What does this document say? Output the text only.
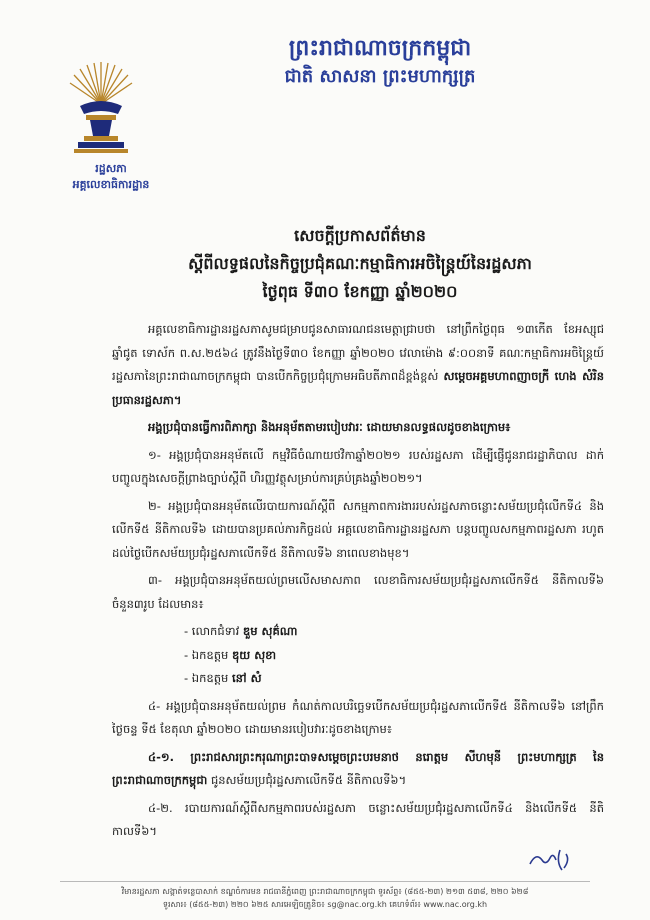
រដ្ឋសភា
អគ្គលេខាធិការដ្ឋាន
ព្រះរាជាណាចក្រកម្ពុជា
ជាតិ សាសនា ព្រះមហាក្សត្រ
សេចក្តីប្រកាសព័ត៌មាន
ស្តីពីលទ្ធផលនៃកិច្ចប្រជុំគណៈកម្មាធិការអចិន្ត្រៃយ៍នៃរដ្ឋសភា
ថ្ងៃពុធ ទី៣០ ខែកញ្ញា ឆ្នាំ២០២០

អគ្គលេខាធិការដ្ឋានរដ្ឋសភាសូមជម្រាបជូនសាធារណជនមេត្តាជ្រាបថា នៅព្រឹកថ្ងៃពុធ ១៣កើត ខែអស្សុជ ឆ្នាំជូត ទោស័ក ព.ស.២៥៦៤ ត្រូវនឹងថ្ងៃទី៣០ ខែកញ្ញា ឆ្នាំ២០២០ វេលាម៉ោង ៩:០០នាទី គណៈកម្មាធិការអចិន្ត្រៃយ៍រដ្ឋសភានៃព្រះរាជាណាចក្រកម្ពុជា បានបើកកិច្ចប្រជុំក្រោមអធិបតីភាពដ៏ខ្ពង់ខ្ពស់ សម្តេចអគ្គមហាពញាចក្រី ហេង សំរិន ប្រធានរដ្ឋសភា។

អង្គប្រជុំបានធ្វើការពិភាក្សា និងអនុម័តតាមរបៀបវារៈ ដោយមានលទ្ធផលដូចខាងក្រោម៖

១- អង្គប្រជុំបានអនុម័តលើ កម្មវិធីចំណាយថវិកាឆ្នាំ២០២១ របស់រដ្ឋសភា ដើម្បីផ្ញើជូនរាជរដ្ឋាភិបាល ដាក់បញ្ចូលក្នុងសេចក្តីព្រាងច្បាប់ស្តីពី ហិរញ្ញវត្ថុសម្រាប់ការគ្រប់គ្រងឆ្នាំ២០២១។

២- អង្គប្រជុំបានអនុម័តលើរបាយការណ៍ស្តីពី សកម្មភាពការងាររបស់រដ្ឋសភាចន្លោះសម័យប្រជុំលើកទី៤ និងលើកទី៥ នីតិកាលទី៦ ដោយបានប្រគល់ភារកិច្ចដល់ អគ្គលេខាធិការដ្ឋានរដ្ឋសភា បន្តបញ្ចូលសកម្មភាពរដ្ឋសភា រហូតដល់ថ្ងៃបើកសម័យប្រជុំរដ្ឋសភាលើកទី៥ នីតិកាលទី៦ នាពេលខាងមុខ។

៣- អង្គប្រជុំបានអនុម័តយល់ព្រមលើសមាសភាព លេខាធិការសម័យប្រជុំរដ្ឋសភាលើកទី៥ នីតិកាលទី៦ ចំនួន៣រូប ដែលមាន៖

- លោកជំទាវ ឌួម សុគ៌ណា
- ឯកឧត្តម ឌុយ សុខា
- ឯកឧត្តម នៅ សំ

៤- អង្គប្រជុំបានអនុម័តយល់ព្រម កំណត់កាលបរិច្ឆេទបើកសម័យប្រជុំរដ្ឋសភាលើកទី៥ នីតិកាលទី៦ នៅព្រឹកថ្ងៃចន្ទ ទី៥ ខែតុលា ឆ្នាំ២០២០ ដោយមានរបៀបវារៈដូចខាងក្រោម៖

៤-១. ព្រះរាជសារព្រះករុណាព្រះបាទសម្តេចព្រះបរមនាថ នរោត្តម សីហមុនី ព្រះមហាក្សត្រ នៃព្រះរាជាណាចក្រកម្ពុជា ជូនសម័យប្រជុំរដ្ឋសភាលើកទី៥ នីតិកាលទី៦។

៤-២. របាយការណ៍ស្តីពីសកម្មភាពរបស់រដ្ឋសភា ចន្លោះសម័យប្រជុំរដ្ឋសភាលើកទី៤ និងលើកទី៥ នីតិកាលទី៦។

វិមានរដ្ឋសភា សង្កាត់ទន្លេបាសាក់ ខណ្ឌចំការមន រាជធានីភ្នំពេញ ព្រះរាជាណាចក្រកម្ពុជា ទូរស័ព្ទ៖ (៨៥៥-២៣) ២១៣ ៥៣៨, ២២០ ៦២៨
ទូរសារ៖ (៨៥៥-២៣) ២២០ ៦២៥ សារអេឡិចត្រូនិច៖ sg@nac.org.kh គេហទំព័រ៖ www.nac.org.kh
